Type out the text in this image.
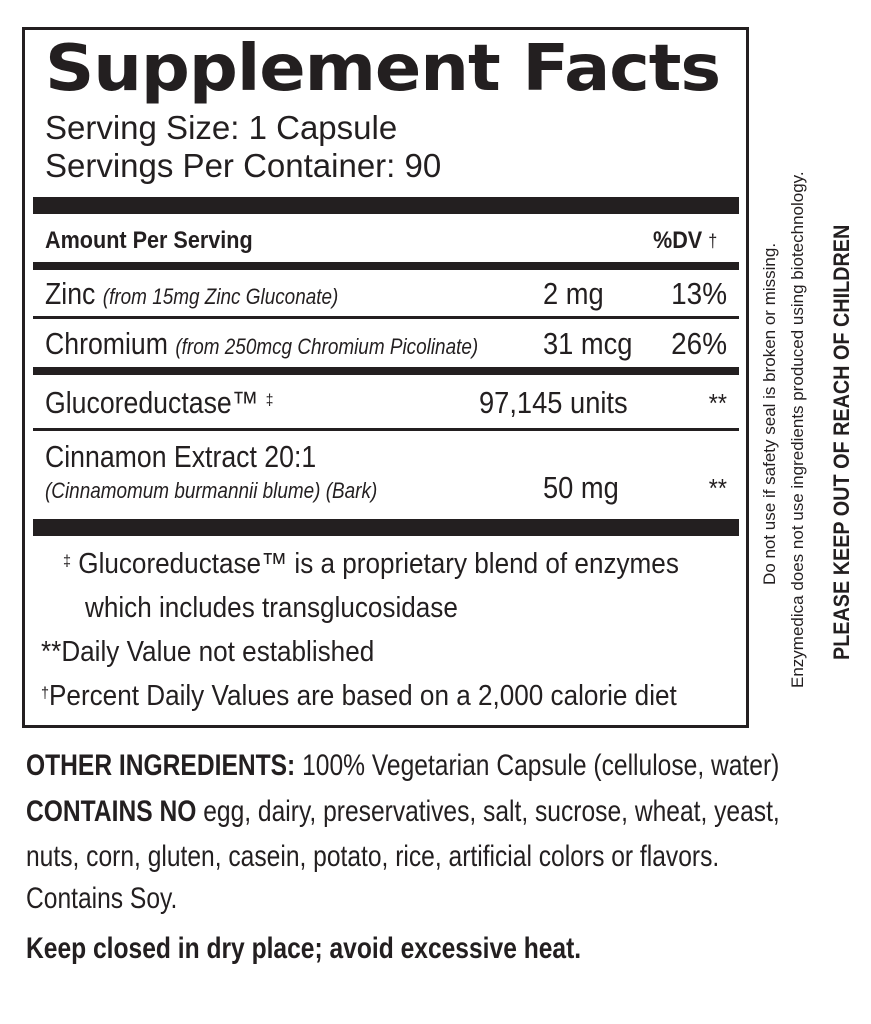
Supplement Facts
Serving Size: 1 Capsule
Servings Per Container: 90
Amount Per Serving	%DV †
Zinc (from 15mg Zinc Gluconate)	2 mg	13%
Chromium (from 250mcg Chromium Picolinate) 31 mcg	26%
Glucoreductase™ ‡	97,145 units	**
Cinnamon Extract 20:1
(Cinnamomum burmannii blume) (Bark)	50 mg	**
‡ Glucoreductase™ is a proprietary blend of enzymes
which includes transglucosidase
**Daily Value not established
†Percent Daily Values are based on a 2,000 calorie diet
Do not use if safety seal is broken or missing. Enzymedica does not use ingredients produced using biotechnology. PLEASE KEEP OUT OF REACH OF CHILDREN
OTHER INGREDIENTS: 100% Vegetarian Capsule (cellulose, water)
CONTAINS NO egg, dairy, preservatives, salt, sucrose, wheat, yeast,
nuts, corn, gluten, casein, potato, rice, artificial colors or flavors.
Contains Soy.
Keep closed in dry place; avoid excessive heat.
